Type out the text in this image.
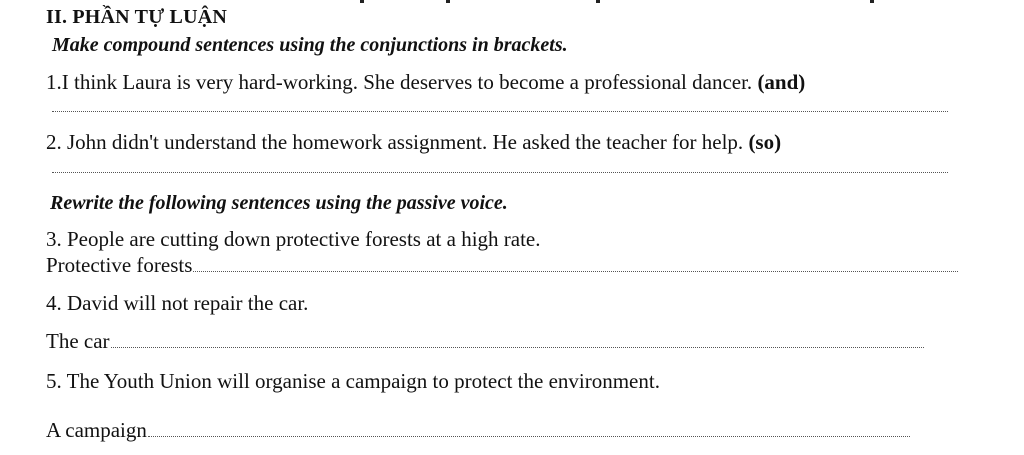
II. PHẦN TỰ LUẬN
Make compound sentences using the conjunctions in brackets.
1.I think Laura is very hard-working. She deserves to become a professional dancer. (and)
2. John didn't understand the homework assignment. He asked the teacher for help. (so)
Rewrite the following sentences using the passive voice.
3. People are cutting down protective forests at a high rate.
Protective forests
4. David will not repair the car.
The car
5. The Youth Union will organise a campaign to protect the environment.
A campaign
